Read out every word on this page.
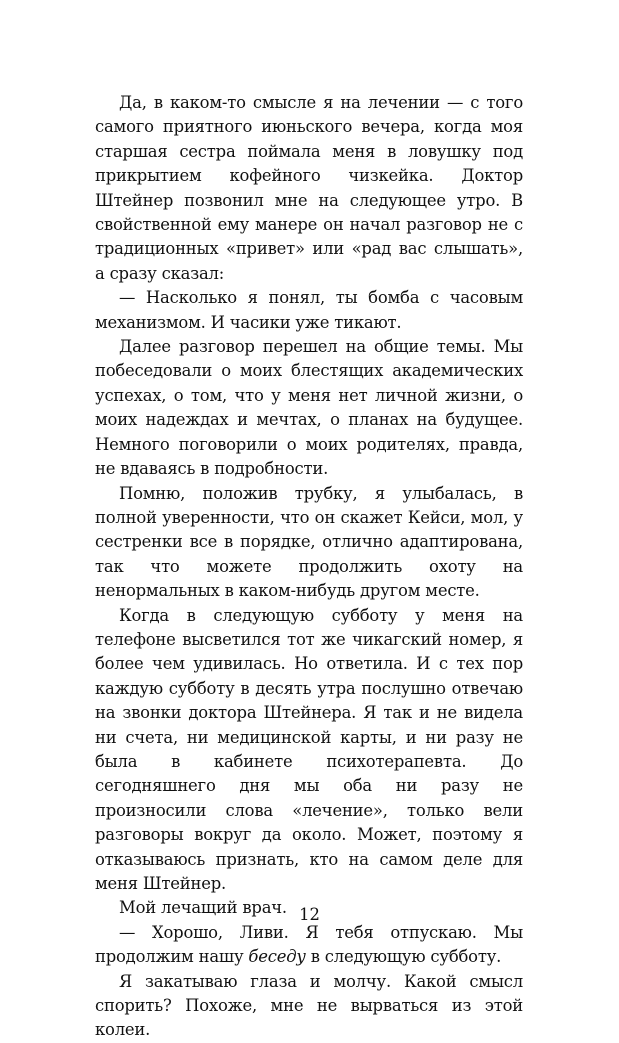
Да, в каком-то смысле я на лечении — с того самого приятного июньского вечера, когда моя старшая сестра поймала меня в ловушку под прикрытием кофейного чизкейка. Доктор Штейнер позвонил мне на следующее утро. В свойственной ему манере он начал разговор не с традиционных «привет» или «рад вас слышать», а сразу сказал:

— Насколько я понял, ты бомба с часовым механизмом. И часики уже тикают.

Далее разговор перешел на общие темы. Мы побеседовали о моих блестящих академических успехах, о том, что у меня нет личной жизни, о моих надеждах и мечтах, о планах на будущее. Немного поговорили о моих родителях, правда, не вдаваясь в подробности.

Помню, положив трубку, я улыбалась, в полной уверенности, что он скажет Кейси, мол, у сестренки все в порядке, отлично адаптирована, так что можете продолжить охоту на ненормальных в каком-нибудь другом месте.

Когда в следующую субботу у меня на телефоне высветился тот же чикагский номер, я более чем удивилась. Но ответила. И с тех пор каждую субботу в десять утра послушно отвечаю на звонки доктора Штейнера. Я так и не видела ни счета, ни медицинской карты, и ни разу не была в кабинете психотерапевта. До сегодняшнего дня мы оба ни разу не произносили слова «лечение», только вели разговоры вокруг да около. Может, поэтому я отказываюсь признать, кто на самом деле для меня Штейнер.

Мой лечащий врач.

— Хорошо, Ливи. Я тебя отпускаю. Мы продолжим нашу беседу в следующую субботу.

Я закатываю глаза и молчу. Какой смысл спорить? Похоже, мне не вырваться из этой колеи.

12
